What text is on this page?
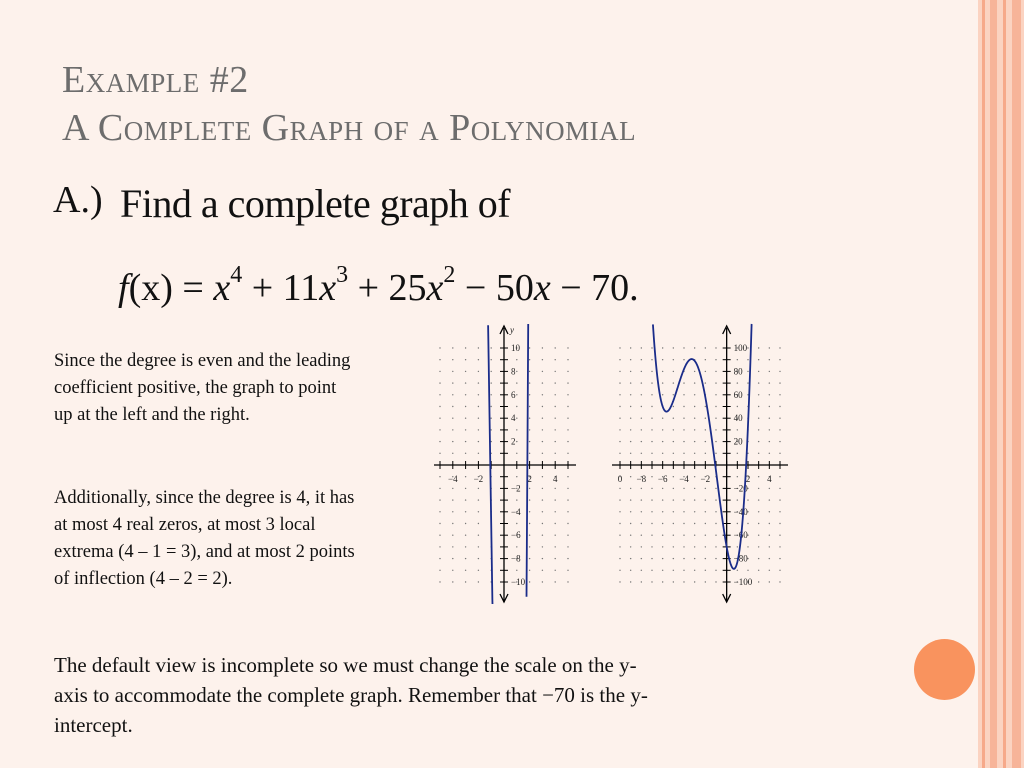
Example #2
A Complete Graph of a Polynomial
A.) Find a complete graph of
$f(x) = x^4 + 11x^3 + 25x^2 - 50x - 70$.
Since the degree is even and the leading coefficient positive, the graph to point up at the left and the right.
Additionally, since the degree is 4, it has at most 4 real zeros, at most 3 local extrema (4 – 1 = 3), and at most 2 points of inflection (4 – 2 = 2).
The default view is incomplete so we must change the scale on the y-axis to accommodate the complete graph. Remember that −70 is the y-intercept.
−4 −2	2 4
10
8
6
4
2
−2
−4
−6
−8
−10
y
0 −8 −6 −4 −2	2 4
100
80
60
40
20
−20
−40
−60
−80
−100
